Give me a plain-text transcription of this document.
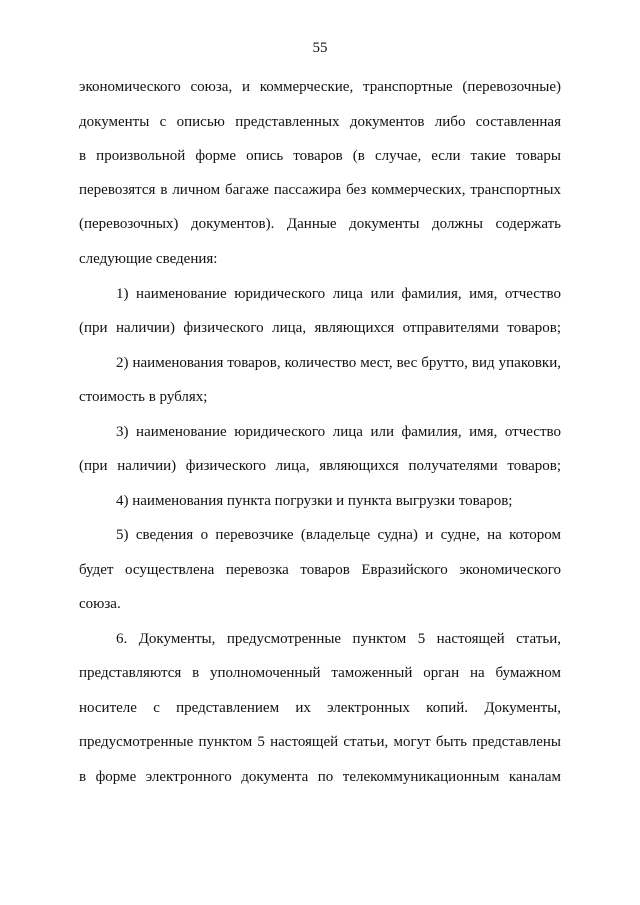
55
экономического союза, и коммерческие, транспортные (перевозочные)
документы с описью представленных документов либо составленная
в произвольной форме опись товаров (в случае, если такие товары
перевозятся в личном багаже пассажира без коммерческих, транспортных
(перевозочных) документов). Данные документы должны содержать
следующие сведения:
1) наименование юридического лица или фамилия, имя, отчество
(при наличии) физического лица, являющихся отправителями товаров;
2) наименования товаров, количество мест, вес брутто, вид упаковки,
стоимость в рублях;
3) наименование юридического лица или фамилия, имя, отчество
(при наличии) физического лица, являющихся получателями товаров;
4) наименования пункта погрузки и пункта выгрузки товаров;
5) сведения о перевозчике (владельце судна) и судне, на котором
будет осуществлена перевозка товаров Евразийского экономического
союза.
6. Документы, предусмотренные пунктом 5 настоящей статьи,
представляются в уполномоченный таможенный орган на бумажном
носителе с представлением их электронных копий. Документы,
предусмотренные пунктом 5 настоящей статьи, могут быть представлены
в форме электронного документа по телекоммуникационным каналам
